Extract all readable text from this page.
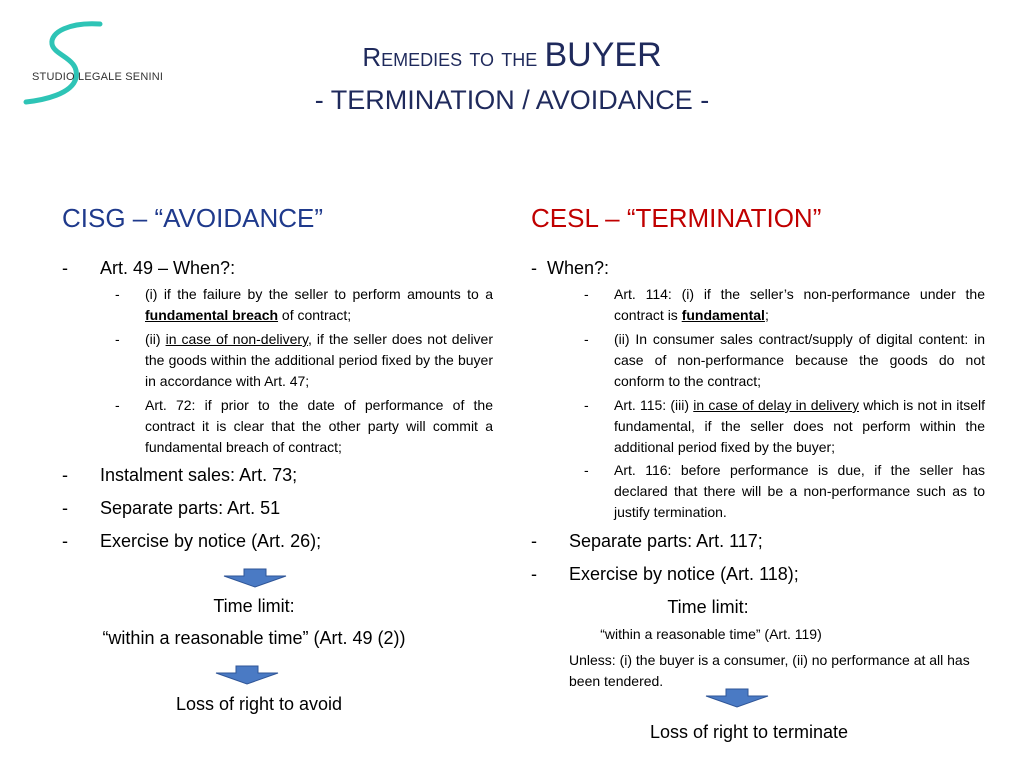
STUDIO LEGALE SENINI
Remedies to the BUYER
- TERMINATION / AVOIDANCE -
CISG – “AVOIDANCE”
- Art. 49 – When?:
- (i) if the failure by the seller to perform amounts to a fundamental breach of contract;
- (ii) in case of non-delivery, if the seller does not deliver the goods within the additional period fixed by the buyer in accordance with Art. 47;
- Art. 72: if prior to the date of performance of the contract it is clear that the other party will commit a fundamental breach of contract;
- Instalment sales: Art. 73;
- Separate parts: Art. 51
- Exercise by notice (Art. 26);
Time limit:
“within a reasonable time” (Art. 49 (2))
Loss of right to avoid
CESL – “TERMINATION”
- When?:
- Art. 114: (i) if the seller’s non-performance under the contract is fundamental;
- (ii) In consumer sales contract/supply of digital content: in case of non-performance because the goods do not conform to the contract;
- Art. 115: (iii) in case of delay in delivery which is not in itself fundamental, if the seller does not perform within the additional period fixed by the buyer;
- Art. 116: before performance is due, if the seller has declared that there will be a non-performance such as to justify termination.
- Separate parts: Art. 117;
- Exercise by notice (Art. 118);
Time limit:
“within a reasonable time” (Art. 119)
Unless: (i) the buyer is a consumer, (ii) no performance at all has been tendered.
Loss of right to terminate
